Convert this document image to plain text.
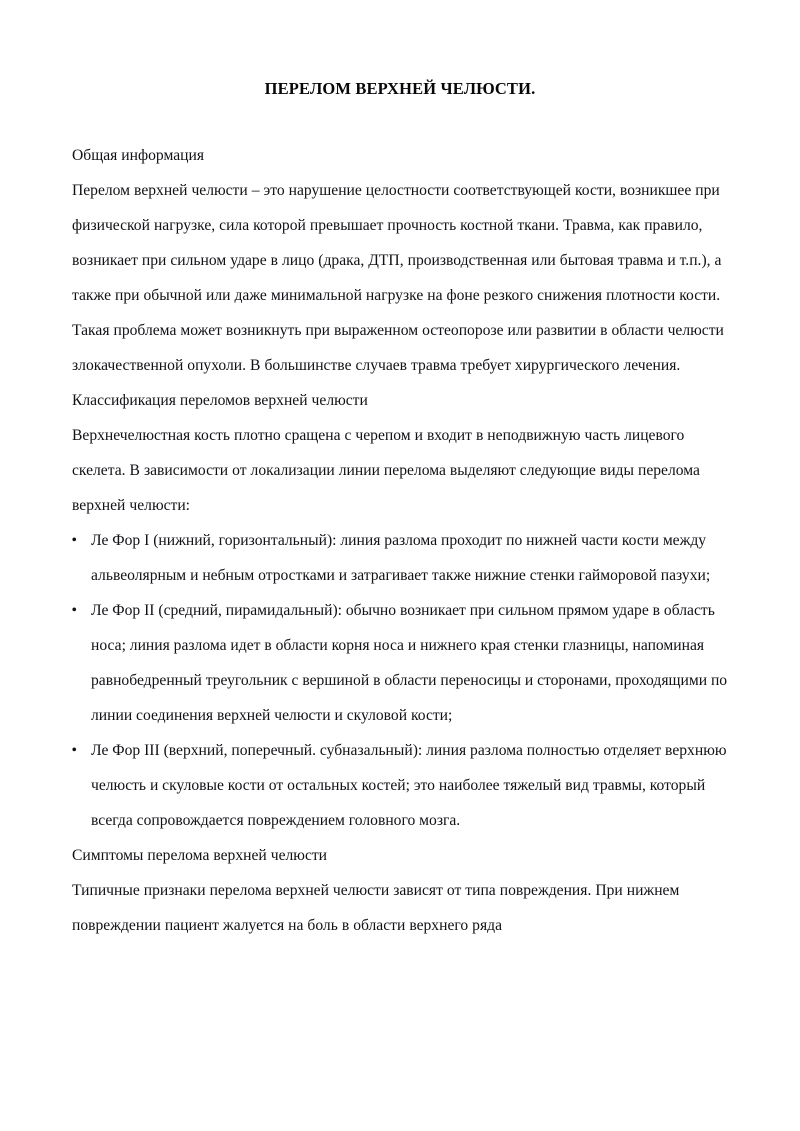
ПЕРЕЛОМ ВЕРХНЕЙ ЧЕЛЮСТИ.

Общая информация

Перелом верхней челюсти – это нарушение целостности соответствующей кости, возникшее при физической нагрузке, сила которой превышает прочность костной ткани. Травма, как правило, возникает при сильном ударе в лицо (драка, ДТП, производственная или бытовая травма и т.п.), а также при обычной или даже минимальной нагрузке на фоне резкого снижения плотности кости. Такая проблема может возникнуть при выраженном остеопорозе или развитии в области челюсти злокачественной опухоли. В большинстве случаев травма требует хирургического лечения.

Классификация переломов верхней челюсти

Верхнечелюстная кость плотно сращена с черепом и входит в неподвижную часть лицевого скелета. В зависимости от локализации линии перелома выделяют следующие виды перелома верхней челюсти:

• Ле Фор I (нижний, горизонтальный): линия разлома проходит по нижней части кости между альвеолярным и небным отростками и затрагивает также нижние стенки гайморовой пазухи;
• Ле Фор II (средний, пирамидальный): обычно возникает при сильном прямом ударе в область носа; линия разлома идет в области корня носа и нижнего края стенки глазницы, напоминая равнобедренный треугольник с вершиной в области переносицы и сторонами, проходящими по линии соединения верхней челюсти и скуловой кости;
• Ле Фор III (верхний, поперечный. субназальный): линия разлома полностью отделяет верхнюю челюсть и скуловые кости от остальных костей; это наиболее тяжелый вид травмы, который всегда сопровождается повреждением головного мозга.

Симптомы перелома верхней челюсти

Типичные признаки перелома верхней челюсти зависят от типа повреждения. При нижнем повреждении пациент жалуется на боль в области верхнего ряда
